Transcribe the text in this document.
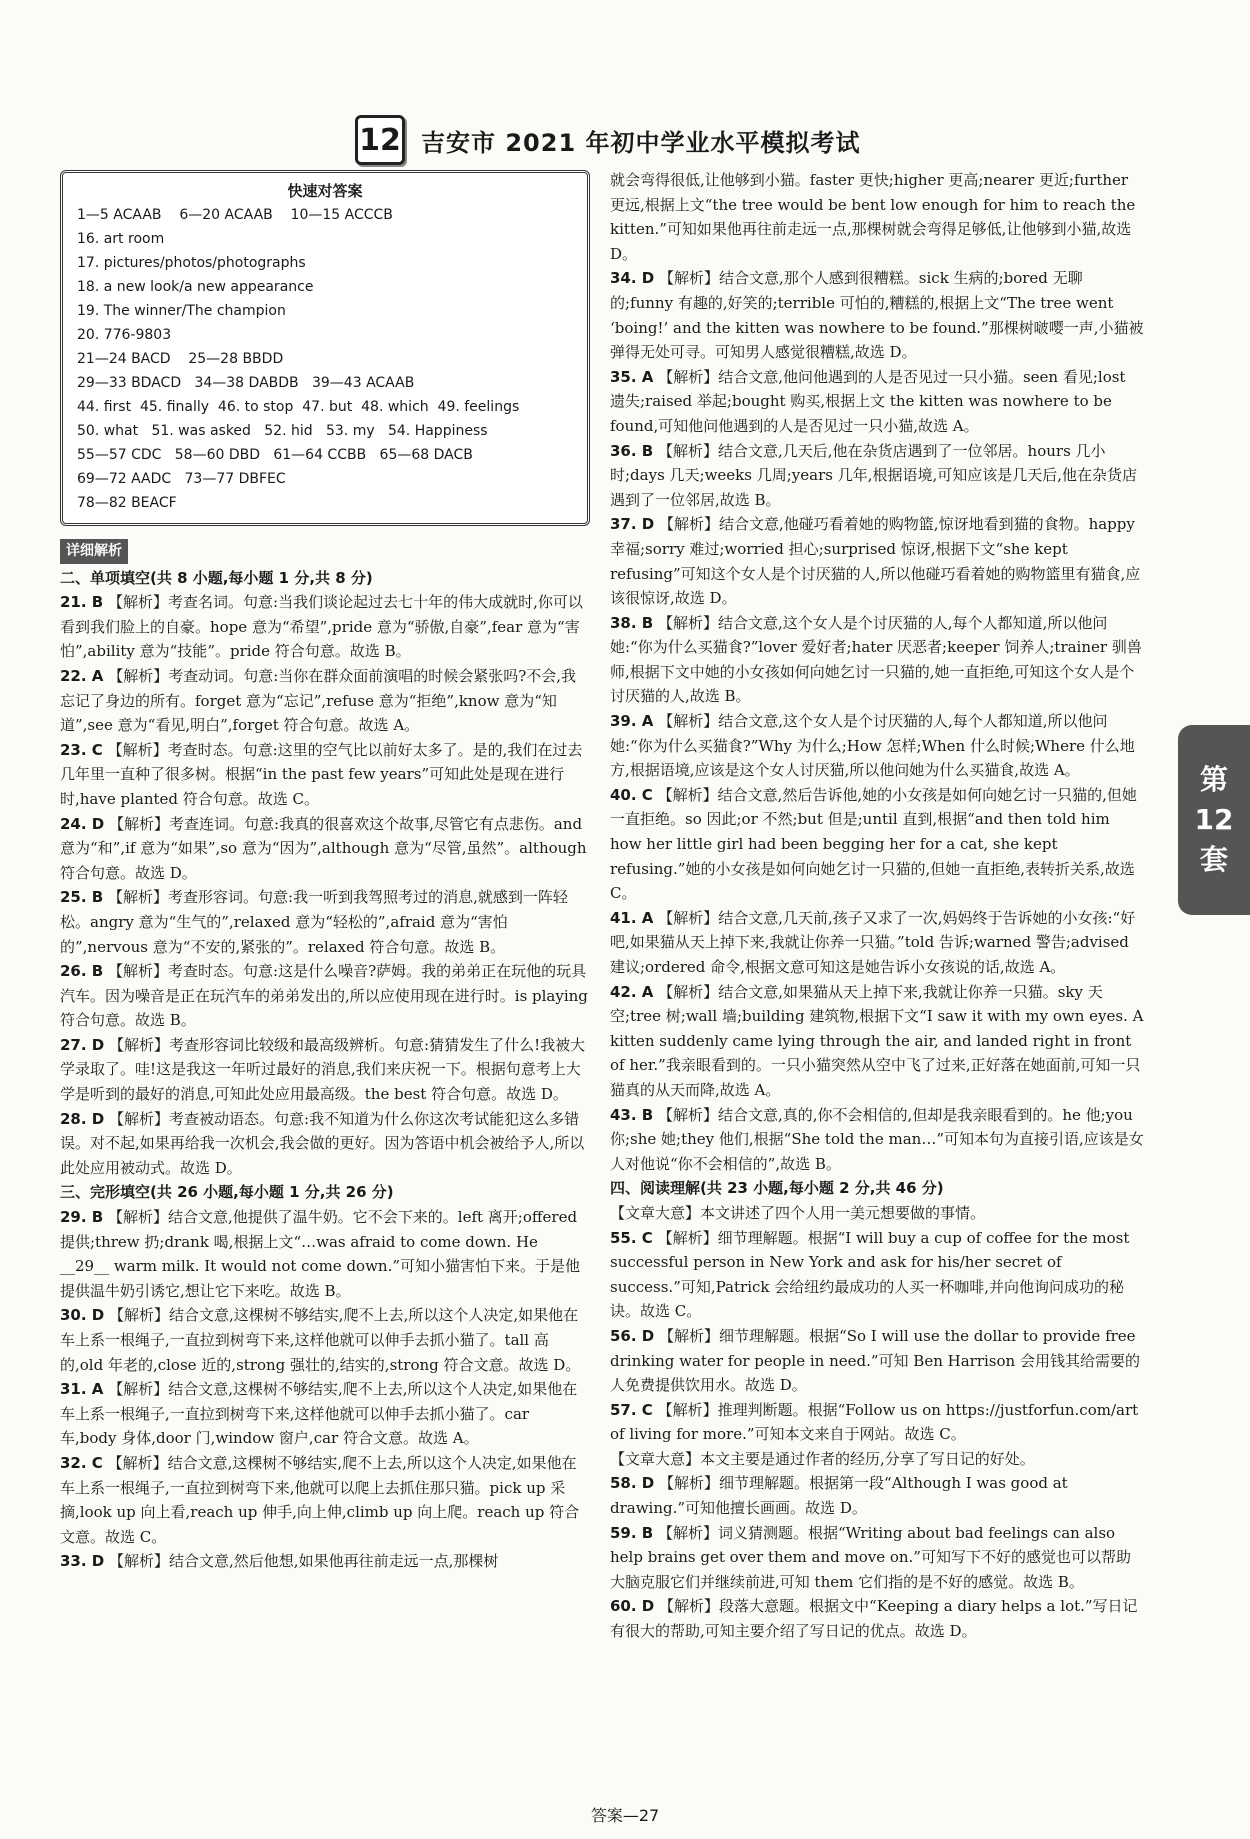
12 吉安市 2021 年初中学业水平模拟考试
快速对答案
1—5 ACAAB    6—20 ACAAB    10—15 ACCCB
16. art room
17. pictures/photos/photographs
18. a new look/a new appearance
19. The winner/The champion
20. 776-9803
21—24 BACD    25—28 BBDD
29—33 BDACD   34—38 DABDB   39—43 ACAAB
44. first  45. finally  46. to stop  47. but  48. which  49. feelings
50. what   51. was asked   52. hid   53. my   54. Happiness
55—57 CDC   58—60 DBD   61—64 CCBB   65—68 DACB
69—72 AADC   73—77 DBFEC
78—82 BEACF
详细解析
二、单项填空(共 8 小题,每小题 1 分,共 8 分)
21. B 【解析】考查名词。句意:当我们谈论起过去七十年的伟大成就时,你可以看到我们脸上的自豪。hope 意为“希望”,pride 意为“骄傲,自豪”,fear 意为“害怕”,ability 意为“技能”。pride 符合句意。故选 B。
22. A 【解析】考查动词。句意:当你在群众面前演唱的时候会紧张吗?不会,我忘记了身边的所有。forget 意为“忘记”,refuse 意为“拒绝”,know 意为“知道”,see 意为“看见,明白”,forget 符合句意。故选 A。
23. C 【解析】考查时态。句意:这里的空气比以前好太多了。是的,我们在过去几年里一直种了很多树。根据“in the past few years”可知此处是现在进行时,have planted 符合句意。故选 C。
24. D 【解析】考查连词。句意:我真的很喜欢这个故事,尽管它有点悲伤。and 意为“和”,if 意为“如果”,so 意为“因为”,although 意为“尽管,虽然”。although 符合句意。故选 D。
25. B 【解析】考查形容词。句意:我一听到我驾照考过的消息,就感到一阵轻松。angry 意为“生气的”,relaxed 意为“轻松的”,afraid 意为“害怕的”,nervous 意为“不安的,紧张的”。relaxed 符合句意。故选 B。
26. B 【解析】考查时态。句意:这是什么噪音?萨姆。我的弟弟正在玩他的玩具汽车。因为噪音是正在玩汽车的弟弟发出的,所以应使用现在进行时。is playing 符合句意。故选 B。
27. D 【解析】考查形容词比较级和最高级辨析。句意:猜猜发生了什么!我被大学录取了。哇!这是我这一年听过最好的消息,我们来庆祝一下。根据句意考上大学是听到的最好的消息,可知此处应用最高级。the best 符合句意。故选 D。
28. D 【解析】考查被动语态。句意:我不知道为什么你这次考试能犯这么多错误。对不起,如果再给我一次机会,我会做的更好。因为答语中机会被给予人,所以此处应用被动式。故选 D。
三、完形填空(共 26 小题,每小题 1 分,共 26 分)
29. B 【解析】结合文意,他提供了温牛奶。它不会下来的。left 离开;offered 提供;threw 扔;drank 喝,根据上文“…was afraid to come down. He __29__ warm milk. It would not come down.”可知小猫害怕下来。于是他提供温牛奶引诱它,想让它下来吃。故选 B。
30. D 【解析】结合文意,这棵树不够结实,爬不上去,所以这个人决定,如果他在车上系一根绳子,一直拉到树弯下来,这样他就可以伸手去抓小猫了。tall 高的,old 年老的,close 近的,strong 强壮的,结实的,strong 符合文意。故选 D。
31. A 【解析】结合文意,这棵树不够结实,爬不上去,所以这个人决定,如果他在车上系一根绳子,一直拉到树弯下来,这样他就可以伸手去抓小猫了。car 车,body 身体,door 门,window 窗户,car 符合文意。故选 A。
32. C 【解析】结合文意,这棵树不够结实,爬不上去,所以这个人决定,如果他在车上系一根绳子,一直拉到树弯下来,他就可以爬上去抓住那只猫。pick up 采摘,look up 向上看,reach up 伸手,向上伸,climb up 向上爬。reach up 符合文意。故选 C。
33. D 【解析】结合文意,然后他想,如果他再往前走远一点,那棵树
就会弯得很低,让他够到小猫。faster 更快;higher 更高;nearer 更近;further 更远,根据上文“the tree would be bent low enough for him to reach the kitten.”可知如果他再往前走远一点,那棵树就会弯得足够低,让他够到小猫,故选 D。
34. D 【解析】结合文意,那个人感到很糟糕。sick 生病的;bored 无聊的;funny 有趣的,好笑的;terrible 可怕的,糟糕的,根据上文“The tree went ‘boing!’ and the kitten was nowhere to be found.”那棵树啵嘤一声,小猫被弹得无处可寻。可知男人感觉很糟糕,故选 D。
35. A 【解析】结合文意,他问他遇到的人是否见过一只小猫。seen 看见;lost 遗失;raised 举起;bought 购买,根据上文 the kitten was nowhere to be found,可知他问他遇到的人是否见过一只小猫,故选 A。
36. B 【解析】结合文意,几天后,他在杂货店遇到了一位邻居。hours 几小时;days 几天;weeks 几周;years 几年,根据语境,可知应该是几天后,他在杂货店遇到了一位邻居,故选 B。
37. D 【解析】结合文意,他碰巧看着她的购物篮,惊讶地看到猫的食物。happy 幸福;sorry 难过;worried 担心;surprised 惊讶,根据下文“she kept refusing”可知这个女人是个讨厌猫的人,所以他碰巧看着她的购物篮里有猫食,应该很惊讶,故选 D。
38. B 【解析】结合文意,这个女人是个讨厌猫的人,每个人都知道,所以他问她:“你为什么买猫食?”lover 爱好者;hater 厌恶者;keeper 饲养人;trainer 驯兽师,根据下文中她的小女孩如何向她乞讨一只猫的,她一直拒绝,可知这个女人是个讨厌猫的人,故选 B。
39. A 【解析】结合文意,这个女人是个讨厌猫的人,每个人都知道,所以他问她:“你为什么买猫食?”Why 为什么;How 怎样;When 什么时候;Where 什么地方,根据语境,应该是这个女人讨厌猫,所以他问她为什么买猫食,故选 A。
40. C 【解析】结合文意,然后告诉他,她的小女孩是如何向她乞讨一只猫的,但她一直拒绝。so 因此;or 不然;but 但是;until 直到,根据“and then told him how her little girl had been begging her for a cat, she kept refusing.”她的小女孩是如何向她乞讨一只猫的,但她一直拒绝,表转折关系,故选 C。
41. A 【解析】结合文意,几天前,孩子又求了一次,妈妈终于告诉她的小女孩:“好吧,如果猫从天上掉下来,我就让你养一只猫。”told 告诉;warned 警告;advised 建议;ordered 命令,根据文意可知这是她告诉小女孩说的话,故选 A。
42. A 【解析】结合文意,如果猫从天上掉下来,我就让你养一只猫。sky 天空;tree 树;wall 墙;building 建筑物,根据下文“I saw it with my own eyes. A kitten suddenly came lying through the air, and landed right in front of her.”我亲眼看到的。一只小猫突然从空中飞了过来,正好落在她面前,可知一只猫真的从天而降,故选 A。
43. B 【解析】结合文意,真的,你不会相信的,但却是我亲眼看到的。he 他;you 你;she 她;they 他们,根据“She told the man…”可知本句为直接引语,应该是女人对他说“你不会相信的”,故选 B。
四、阅读理解(共 23 小题,每小题 2 分,共 46 分)
【文章大意】本文讲述了四个人用一美元想要做的事情。
55. C 【解析】细节理解题。根据“I will buy a cup of coffee for the most successful person in New York and ask for his/her secret of success.”可知,Patrick 会给纽约最成功的人买一杯咖啡,并向他询问成功的秘诀。故选 C。
56. D 【解析】细节理解题。根据“So I will use the dollar to provide free drinking water for people in need.”可知 Ben Harrison 会用钱其给需要的人免费提供饮用水。故选 D。
57. C 【解析】推理判断题。根据“Follow us on https://justforfun.com/art of living for more.”可知本文来自于网站。故选 C。
【文章大意】本文主要是通过作者的经历,分享了写日记的好处。
58. D 【解析】细节理解题。根据第一段“Although I was good at drawing.”可知他擅长画画。故选 D。
59. B 【解析】词义猜测题。根据“Writing about bad feelings can also help brains get over them and move on.”可知写下不好的感觉也可以帮助大脑克服它们并继续前进,可知 them 它们指的是不好的感觉。故选 B。
60. D 【解析】段落大意题。根据文中“Keeping a diary helps a lot.”写日记有很大的帮助,可知主要介绍了写日记的优点。故选 D。
第
12
套
答案—27
